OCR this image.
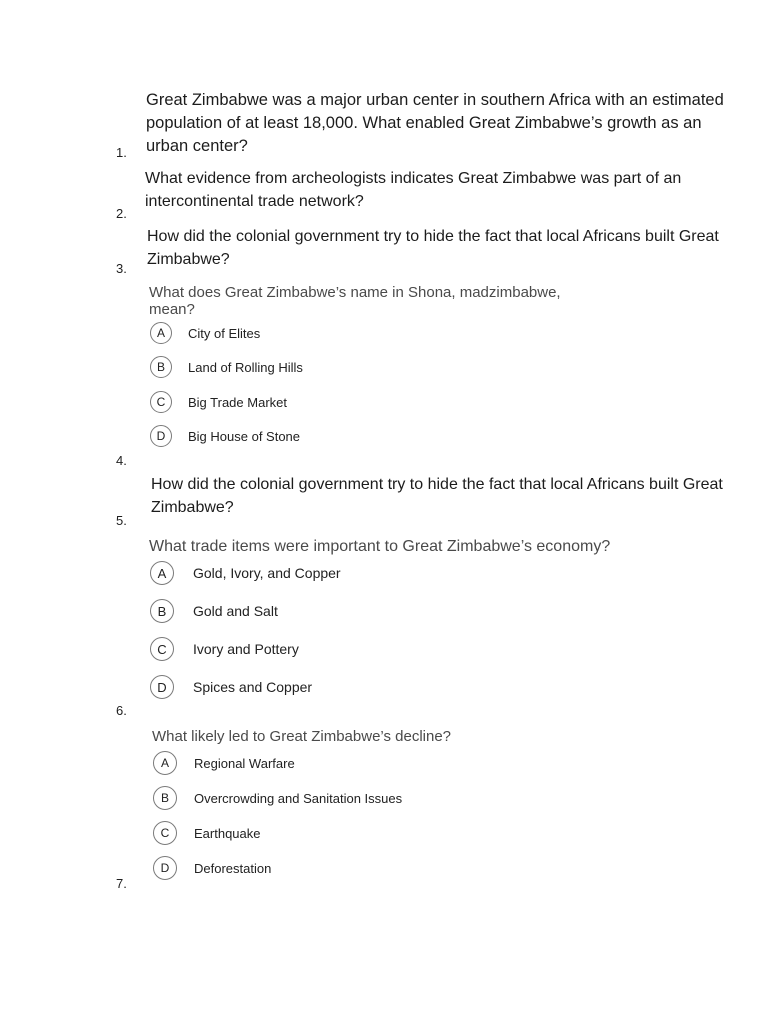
Great Zimbabwe was a major urban center in southern Africa with an estimated population of at least 18,000. What enabled Great Zimbabwe’s growth as an urban center?

1.

What evidence from archeologists indicates Great Zimbabwe was part of an intercontinental trade network?

2.

How did the colonial government try to hide the fact that local Africans built Great Zimbabwe?

3.

What does Great Zimbabwe’s name in Shona, madzimbabwe, mean?

A	City of Elites
B	Land of Rolling Hills
C	Big Trade Market
D	Big House of Stone
4.

How did the colonial government try to hide the fact that local Africans built Great Zimbabwe?

5.

What trade items were important to Great Zimbabwe’s economy?

A	Gold, Ivory, and Copper
B	Gold and Salt
C	Ivory and Pottery
D	Spices and Copper
6.

What likely led to Great Zimbabwe’s decline?

A	Regional Warfare
B	Overcrowding and Sanitation Issues
C	Earthquake
D	Deforestation
7.
